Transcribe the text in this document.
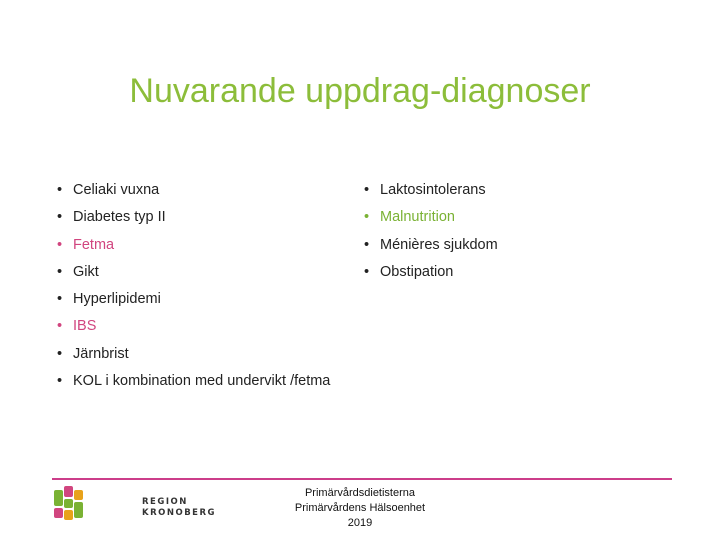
Nuvarande uppdrag-diagnoser
• Celiaki vuxna
• Diabetes typ II
• Fetma
• Gikt
• Hyperlipidemi
• IBS
• Järnbrist
• KOL i kombination med undervikt /fetma
• Laktosintolerans
• Malnutrition
• Ménières sjukdom
• Obstipation
REGION
KRONOBERG
Primärvårdsdietisterna
Primärvårdens Hälsoenhet
2019
